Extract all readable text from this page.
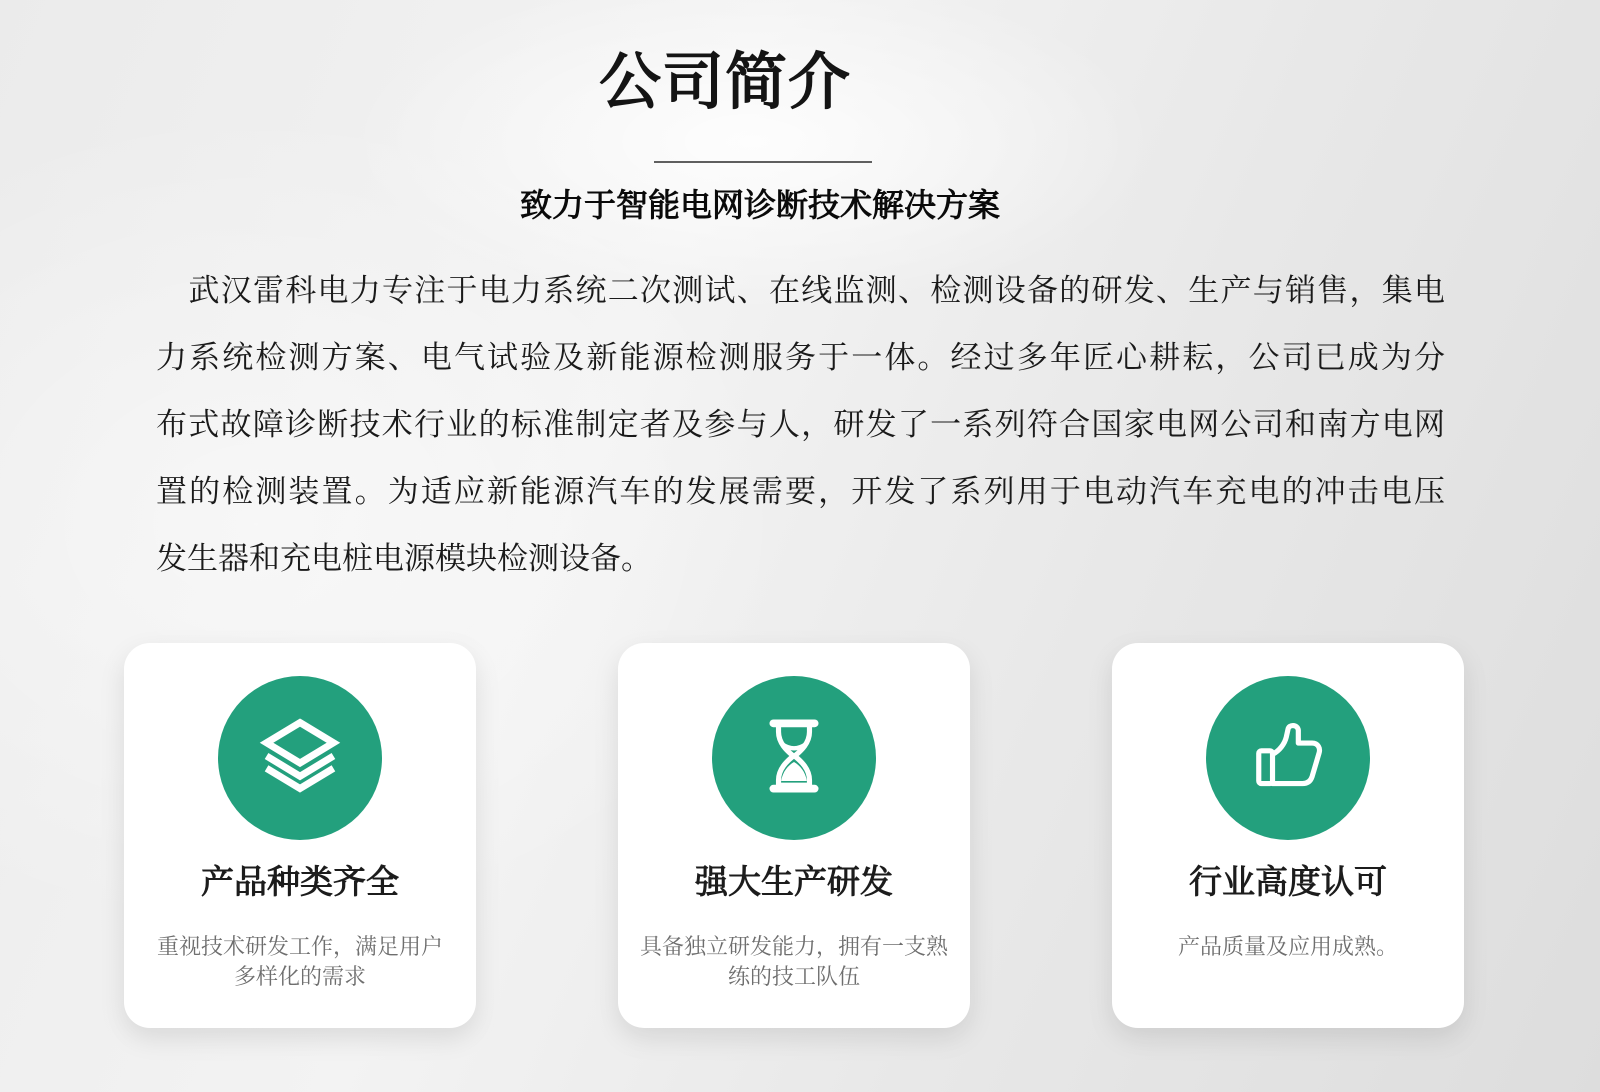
公司简介
致力于智能电网诊断技术解决方案
武汉雷科电力专注于电力系统二次测试、在线监测、检测设备的研发、生产与销售，集电
力系统检测方案、电气试验及新能源检测服务于一体。经过多年匠心耕耘，公司已成为分
布式故障诊断技术行业的标准制定者及参与人，研发了一系列符合国家电网公司和南方电网
置的检测装置。为适应新能源汽车的发展需要，开发了系列用于电动汽车充电的冲击电压
发生器和充电桩电源模块检测设备。
产品种类齐全
重视技术研发工作，满足用户
多样化的需求
强大生产研发
具备独立研发能力，拥有一支熟
练的技工队伍
行业高度认可
产品质量及应用成熟。
